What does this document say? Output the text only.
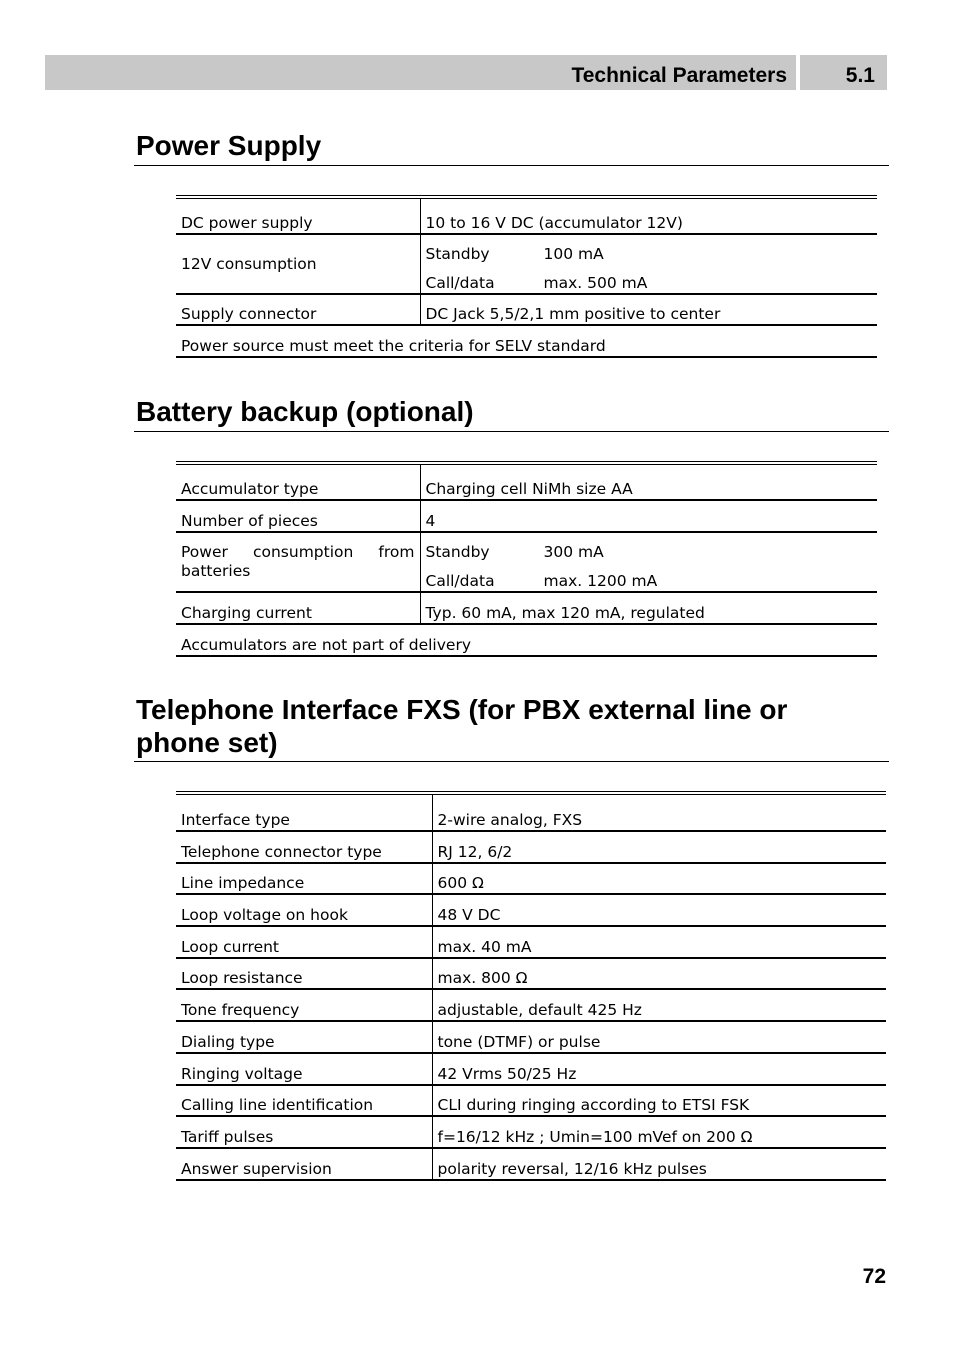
Technical Parameters	5.1
Power Supply
DC power supply	10 to 16 V DC (accumulator 12V)
12V consumption	Standby 100 mA
Call/data max. 500 mA

Supply connector	DC Jack 5,5/2,1 mm positive to center
Power source must meet the criteria for SELV standard	
Battery backup (optional)
Accumulator type	Charging cell NiMh size AA
Number of pieces	4
Power consumption from batteries	Standby 300 mA
Call/data max. 1200 mA

Charging current	Typ. 60 mA, max 120 mA, regulated
Accumulators are not part of delivery	
Telephone Interface FXS (for PBX external line or
phone set)
Interface type	2-wire analog, FXS
Telephone connector type	RJ 12, 6/2
Line impedance	600 Ω
Loop voltage on hook	48 V DC
Loop current	max. 40 mA
Loop resistance	max. 800 Ω
Tone frequency	adjustable, default 425 Hz
Dialing type	tone (DTMF) or pulse
Ringing voltage	42 Vrms 50/25 Hz
Calling line identification	CLI during ringing according to ETSI FSK
Tariff pulses	f=16/12 kHz ; Umin=100 mVef on 200 Ω
Answer supervision	polarity reversal, 12/16 kHz pulses
72
